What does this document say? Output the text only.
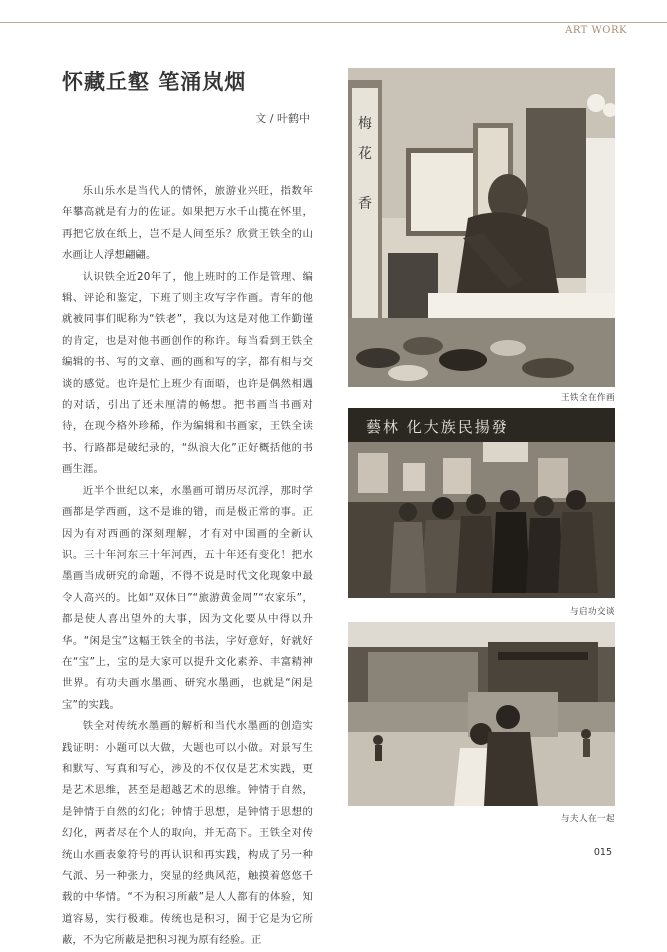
ART WORK
怀藏丘壑 笔涌岚烟
文 / 叶鹤中

乐山乐水是当代人的情怀，旅游业兴旺，指数年年攀高就是有力的佐证。如果把万水千山揽在怀里，再把它放在纸上，岂不是人间至乐？欣赏王铁全的山水画让人浮想翩翩。

认识铁全近20年了，他上班时的工作是管理、编辑、评论和鉴定，下班了则主攻写字作画。青年的他就被同事们昵称为“铁老”，我以为这是对他工作勤谨的肯定，也是对他书画创作的称许。每当看到王铁全编辑的书、写的文章、画的画和写的字，都有相与交谈的感觉。也许是忙上班少有面晤，也许是偶然相遇的对话，引出了还未厘清的畅想。把书画当书画对待，在现今格外珍稀，作为编辑和书画家，王铁全读书、行路都是破纪录的，“纵浪大化”正好概括他的书画生涯。

近半个世纪以来，水墨画可谓历尽沉浮，那时学画都是学西画，这不是谁的错，而是极正常的事。正因为有对西画的深刻理解，才有对中国画的全新认识。三十年河东三十年河西，五十年还有变化！把水墨画当成研究的命题，不得不说是时代文化现象中最令人高兴的。比如“双休日”“旅游黄金周”“农家乐”，都是使人喜出望外的大事，因为文化要从中得以升华。“闲是宝”这幅王铁全的书法，字好意好，好就好在“宝”上，宝的是大家可以提升文化素养、丰富精神世界。有功夫画水墨画、研究水墨画，也就是“闲是宝”的实践。

铁全对传统水墨画的解析和当代水墨画的创造实践证明：小题可以大做，大题也可以小做。对景写生和默写、写真和写心，涉及的不仅仅是艺术实践，更是艺术思维，甚至是超越艺术的思维。钟情于自然，是钟情于自然的幻化；钟情于思想，是钟情于思想的幻化，两者尽在个人的取向，并无高下。王铁全对传统山水画表象符号的再认识和再实践，构成了另一种气派、另一种张力，突显的经典风范，触摸着悠悠千载的中华情。“不为积习所蔽”是人人都有的体验，知道容易，实行极难。传统也是积习，囿于它是为它所蔽，不为它所蔽是把积习视为原有经验。正

梅
花
香
王铁全在作画
藝林 化大族民揚發
与启功交谈
与夫人在一起
015
